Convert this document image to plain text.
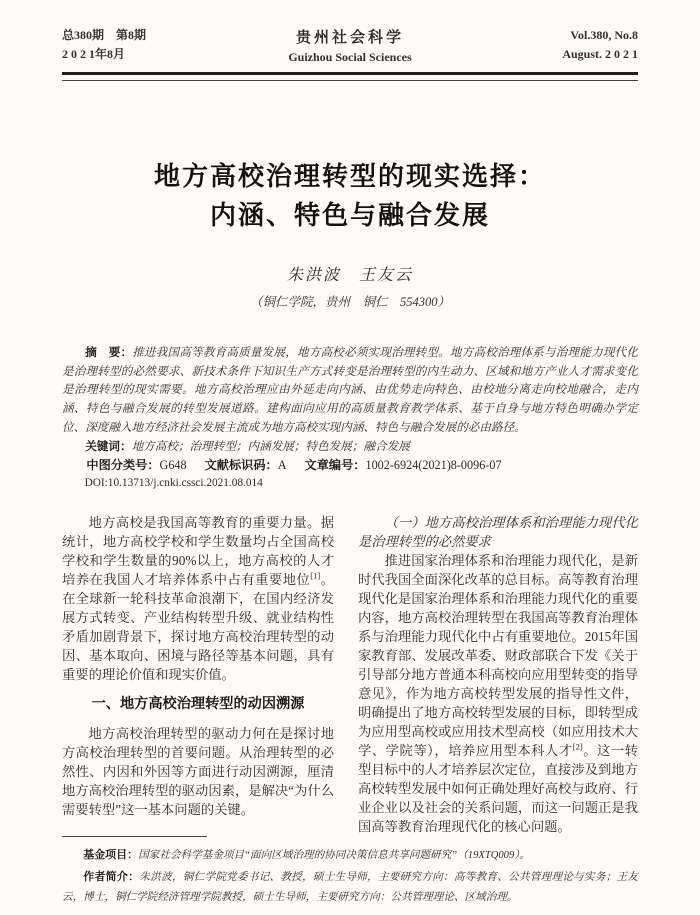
总380期　第8期
2 0 2 1年8月
贵州社会科学
Guizhou Social Sciences
Vol.380, No.8
August. 2 0 2 1
地方高校治理转型的现实选择：
内涵、特色与融合发展
朱洪波　王友云
（铜仁学院，贵州　铜仁　554300）

摘　要：推进我国高等教育高质量发展，地方高校必须实现治理转型。地方高校治理体系与治理能力现代化是治理转型的必然要求、新技术条件下知识生产方式转变是治理转型的内生动力、区域和地方产业人才需求变化是治理转型的现实需要。地方高校治理应由外延走向内涵、由优势走向特色、由校地分离走向校地融合，走内涵、特色与融合发展的转型发展道路。建构面向应用的高质量教育教学体系、基于自身与地方特色明确办学定位、深度融入地方经济社会发展主流成为地方高校实现内涵、特色与融合发展的必由路径。

关键词：地方高校；治理转型；内涵发展；特色发展；融合发展

中图分类号：G648 文献标识码：A 文章编号：1002-6924(2021)8-0096-07

DOI:10.13713/j.cnki.cssci.2021.08.014

地方高校是我国高等教育的重要力量。据统计，地方高校学校和学生数量均占全国高校学校和学生数量的90%以上，地方高校的人才培养在我国人才培养体系中占有重要地位[1]。在全球新一轮科技革命浪潮下，在国内经济发展方式转变、产业结构转型升级、就业结构性矛盾加剧背景下，探讨地方高校治理转型的动因、基本取向、困境与路径等基本问题，具有重要的理论价值和现实价值。

一、地方高校治理转型的动因溯源

地方高校治理转型的驱动力何在是探讨地方高校治理转型的首要问题。从治理转型的必然性、内因和外因等方面进行动因溯源，厘清地方高校治理转型的驱动因素，是解决“为什么需要转型”这一基本问题的关键。

（一）地方高校治理体系和治理能力现代化是治理转型的必然要求

推进国家治理体系和治理能力现代化，是新时代我国全面深化改革的总目标。高等教育治理现代化是国家治理体系和治理能力现代化的重要内容，地方高校治理转型在我国高等教育治理体系与治理能力现代化中占有重要地位。2015年国家教育部、发展改革委、财政部联合下发《关于引导部分地方普通本科高校向应用型转变的指导意见》，作为地方高校转型发展的指导性文件，明确提出了地方高校转型发展的目标，即转型成为应用型高校或应用技术型高校（如应用技术大学、学院等），培养应用型本科人才[2]。这一转型目标中的人才培养层次定位，直接涉及到地方高校转型发展中如何正确处理好高校与政府、行业企业以及社会的关系问题，而这一问题正是我国高等教育治理现代化的核心问题。

基金项目：国家社会科学基金项目“面向区域治理的协同决策信息共享问题研究”（19XTQ009）。

作者简介：朱洪波，铜仁学院党委书记、教授，硕士生导师，主要研究方向：高等教育、公共管理理论与实务；王友云，博士，铜仁学院经济管理学院教授，硕士生导师，主要研究方向：公共管理理论、区域治理。
